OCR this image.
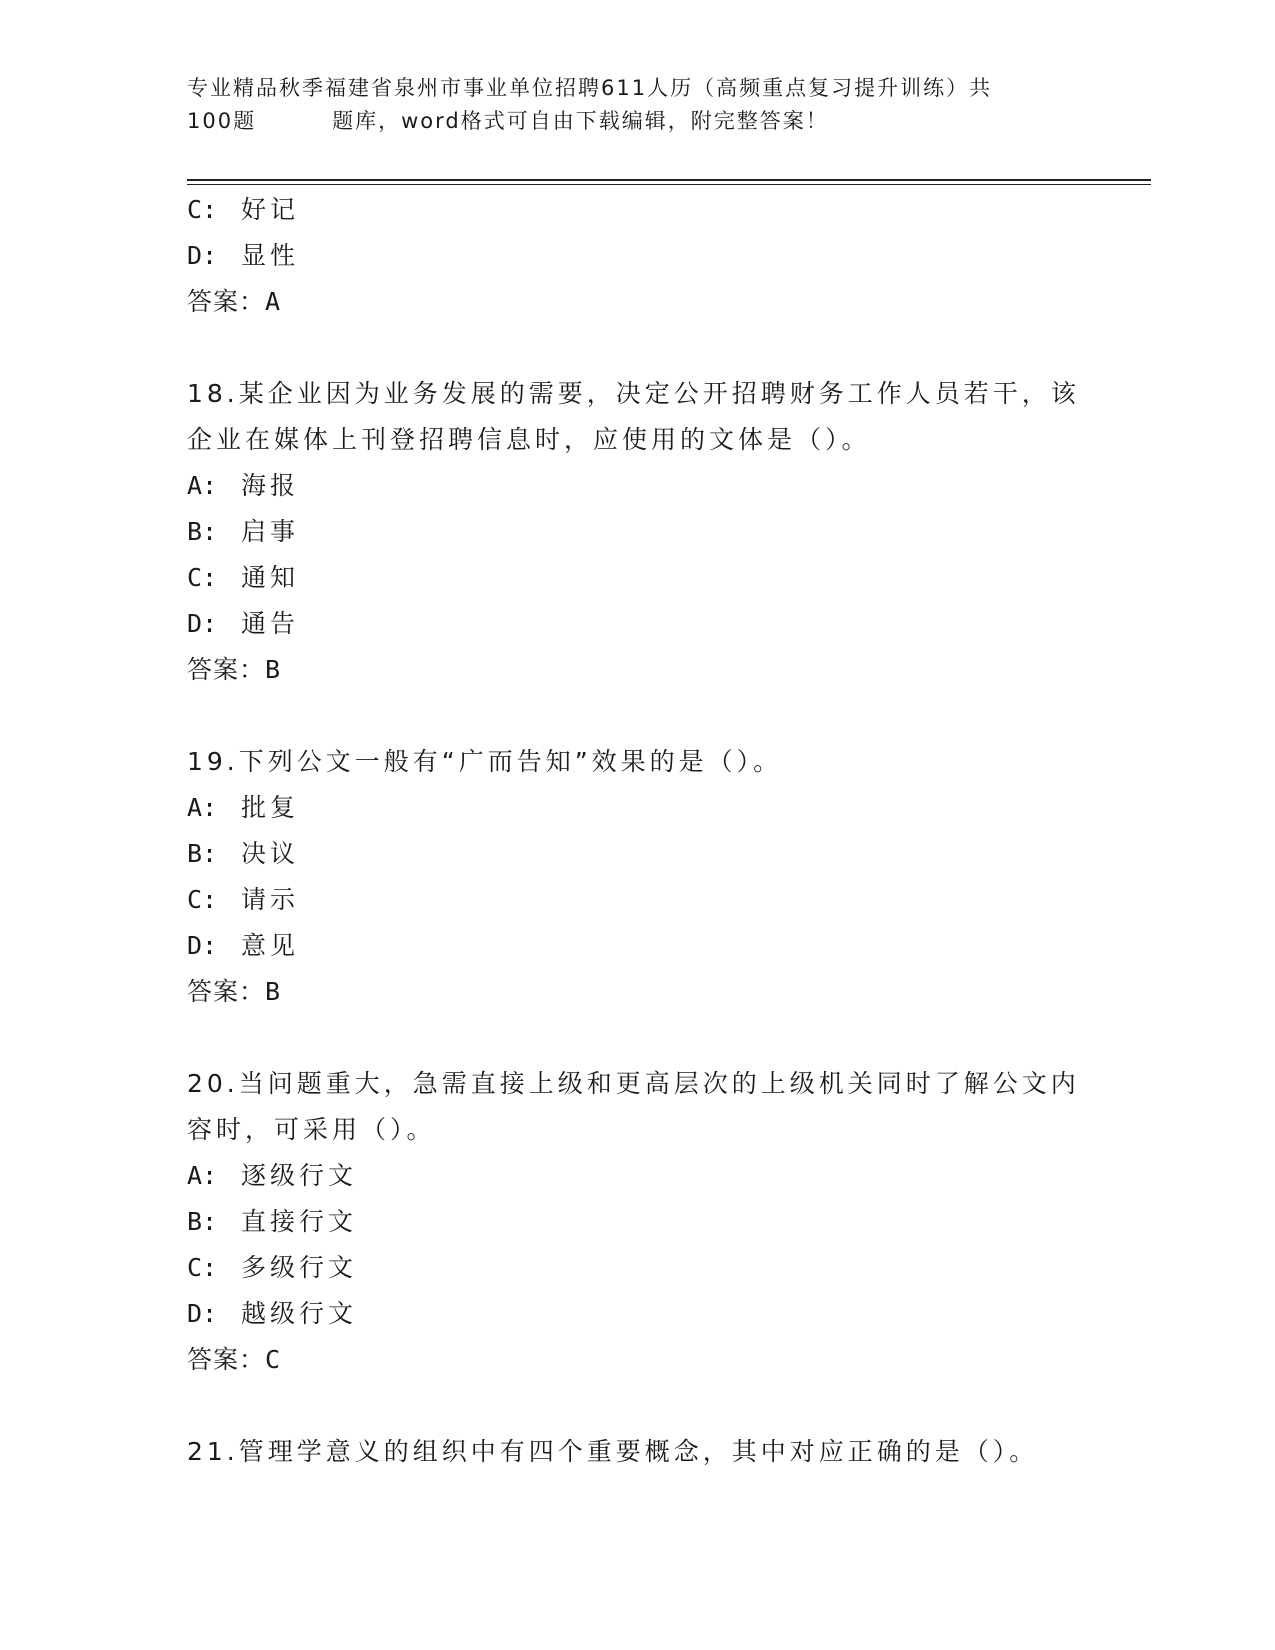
专业精品秋季福建省泉州市事业单位招聘611人历（高频重点复习提升训练）共
100题	题库，word格式可自由下载编辑，附完整答案！
C: 好记
D: 显性
答案：A
18.某企业因为业务发展的需要，决定公开招聘财务工作人员若干，该
企业在媒体上刊登招聘信息时，应使用的文体是（）。
A: 海报
B: 启事
C: 通知
D: 通告
答案：B
19.下列公文一般有“广而告知”效果的是（）。
A: 批复
B: 决议
C: 请示
D: 意见
答案：B
20.当问题重大，急需直接上级和更高层次的上级机关同时了解公文内
容时，可采用（）。
A: 逐级行文
B: 直接行文
C: 多级行文
D: 越级行文
答案：C
21.管理学意义的组织中有四个重要概念，其中对应正确的是（）。
